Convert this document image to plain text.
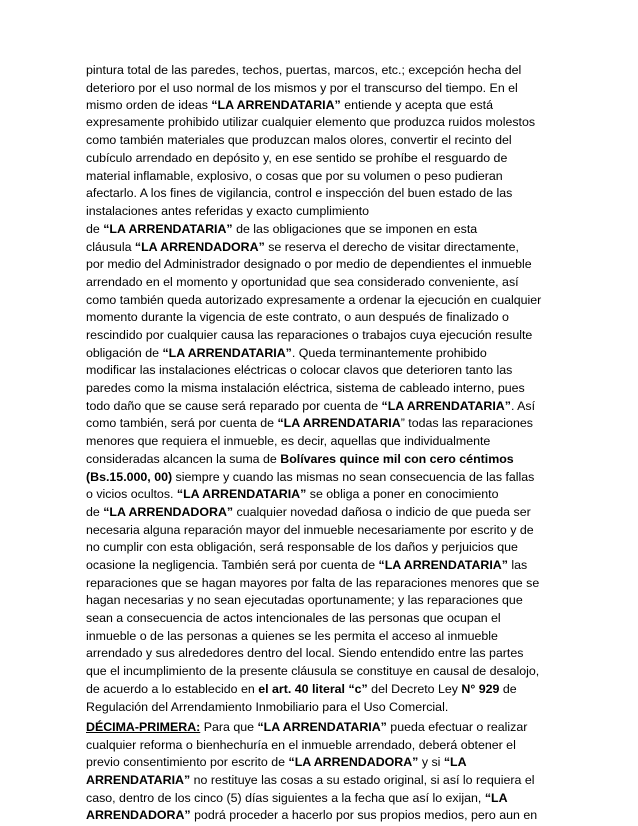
pintura total de las paredes, techos, puertas, marcos, etc.; excepción hecha del

deterioro por el uso normal de los mismos y por el transcurso del tiempo. En el

mismo orden de ideas “LA ARRENDATARIA” entiende y acepta que está

expresamente prohibido utilizar cualquier elemento que produzca ruidos molestos

como también materiales que produzcan malos olores, convertir el recinto del

cubículo arrendado en depósito y, en ese sentido se prohíbe el resguardo de

material inflamable, explosivo, o cosas que por su volumen o peso pudieran

afectarlo. A los fines de vigilancia, control e inspección del buen estado de las

instalaciones antes referidas y exacto cumplimiento

de “LA ARRENDATARIA” de las obligaciones que se imponen en esta

cláusula “LA ARRENDADORA” se reserva el derecho de visitar directamente,

por medio del Administrador designado o por medio de dependientes el inmueble

arrendado en el momento y oportunidad que sea considerado conveniente, así

como también queda autorizado expresamente a ordenar la ejecución en cualquier

momento durante la vigencia de este contrato, o aun después de finalizado o

rescindido por cualquier causa las reparaciones o trabajos cuya ejecución resulte

obligación de “LA ARRENDATARIA”. Queda terminantemente prohibido

modificar las instalaciones eléctricas o colocar clavos que deterioren tanto las

paredes como la misma instalación eléctrica, sistema de cableado interno, pues

todo daño que se cause será reparado por cuenta de “LA ARRENDATARIA”. Así

como también, será por cuenta de “LA ARRENDATARIA” todas las reparaciones

menores que requiera el inmueble, es decir, aquellas que individualmente

consideradas alcancen la suma de Bolívares quince mil con cero céntimos

(Bs.15.000, 00) siempre y cuando las mismas no sean consecuencia de las fallas

o vicios ocultos. “LA ARRENDATARIA” se obliga a poner en conocimiento

de “LA ARRENDADORA” cualquier novedad dañosa o indicio de que pueda ser

necesaria alguna reparación mayor del inmueble necesariamente por escrito y de

no cumplir con esta obligación, será responsable de los daños y perjuicios que

ocasione la negligencia. También será por cuenta de “LA ARRENDATARIA” las

reparaciones que se hagan mayores por falta de las reparaciones menores que se

hagan necesarias y no sean ejecutadas oportunamente; y las reparaciones que

sean a consecuencia de actos intencionales de las personas que ocupan el

inmueble o de las personas a quienes se les permita el acceso al inmueble

arrendado y sus alrededores dentro del local. Siendo entendido entre las partes

que el incumplimiento de la presente cláusula se constituye en causal de desalojo,

de acuerdo a lo establecido en el art. 40 literal “c” del Decreto Ley N° 929 de

Regulación del Arrendamiento Inmobiliario para el Uso Comercial.

DÉCIMA-PRIMERA: Para que “LA ARRENDATARIA” pueda efectuar o realizar

cualquier reforma o bienhechuría en el inmueble arrendado, deberá obtener el

previo consentimiento por escrito de “LA ARRENDADORA” y si “LA

ARRENDATARIA” no restituye las cosas a su estado original, si así lo requiera el

caso, dentro de los cinco (5) días siguientes a la fecha que así lo exijan, “LA

ARRENDADORA” podrá proceder a hacerlo por sus propios medios, pero aun en
